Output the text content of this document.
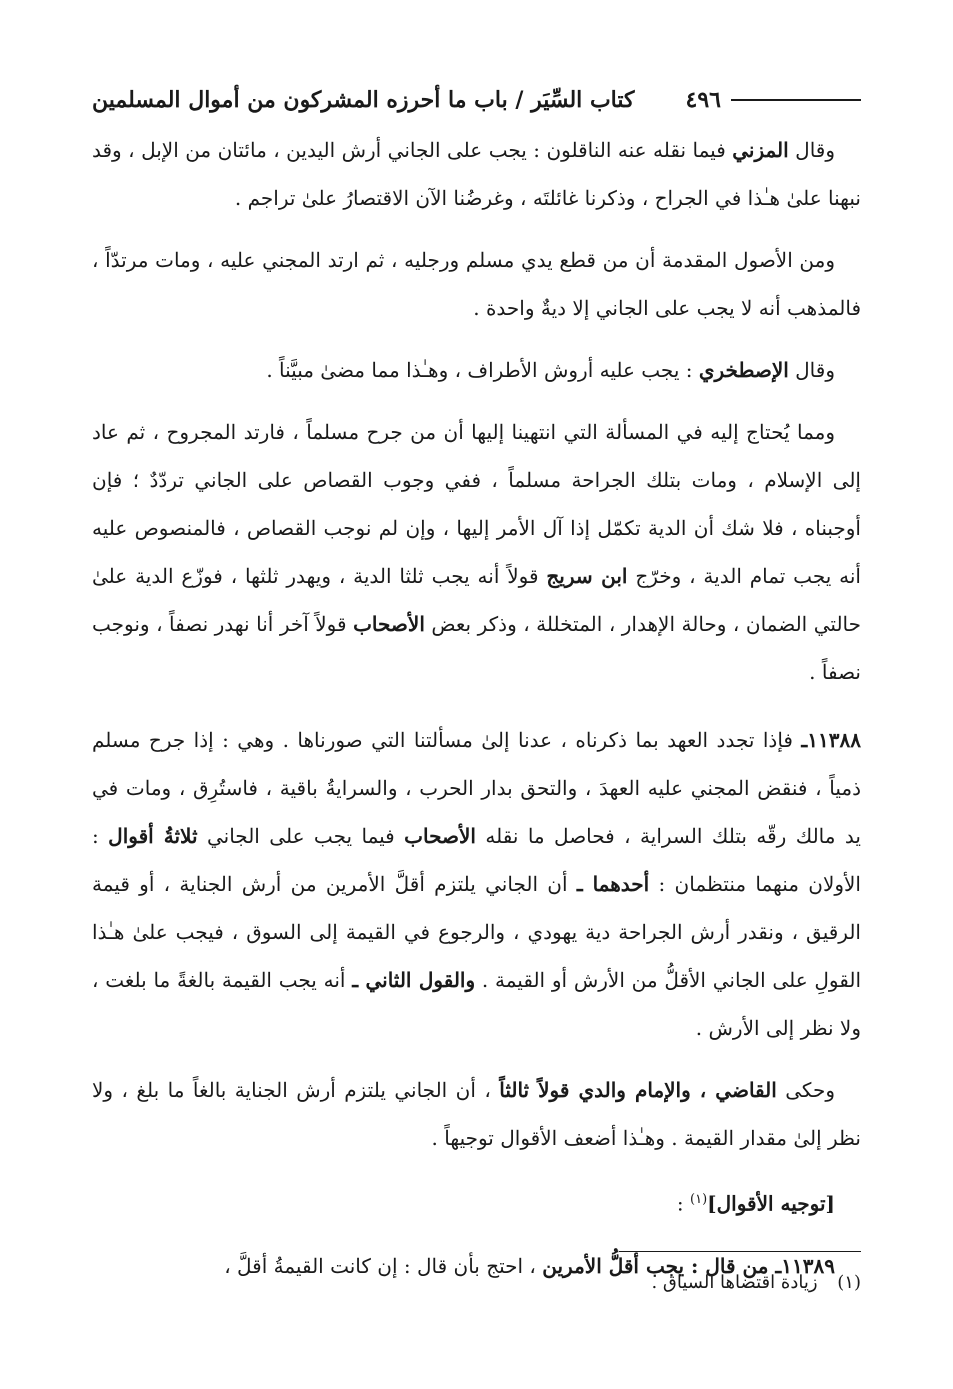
كتاب السِّيَر / باب ما أحرزه المشركون من أموال المسلمين ٤٩٦

وقال المزني فيما نقله عنه الناقلون : يجب على الجاني أرش اليدين ، مائتان من الإبل ، وقد نبهنا علىٰ هـٰذا في الجراح ، وذكرنا غائلتَه ، وغرضُنا الآن الاقتصارُ علىٰ تراجم .

ومن الأصول المقدمة أن من قطع يدي مسلم ورجليه ، ثم ارتد المجني عليه ، ومات مرتدّاً ، فالمذهب أنه لا يجب على الجاني إلا ديةٌ واحدة .

وقال الإصطخري : يجب عليه أروش الأطراف ، وهـٰذا مما مضىٰ مبيَّناً .

ومما يُحتاج إليه في المسألة التي انتهينا إليها أن من جرح مسلماً ، فارتد المجروح ، ثم عاد إلى الإسلام ، ومات بتلك الجراحة مسلماً ، ففي وجوب القصاص على الجاني تردّدٌ ؛ فإن أوجبناه ، فلا شك أن الدية تكمّل إذا آل الأمر إليها ، وإن لم نوجب القصاص ، فالمنصوص عليه أنه يجب تمام الدية ، وخرّج ابن سريج قولاً أنه يجب ثلثا الدية ، ويهدر ثلثها ، فوزّع الدية علىٰ حالتي الضمان ، وحالة الإهدار ، المتخللة ، وذكر بعض الأصحاب قولاً آخر أنا نهدر نصفاً ، ونوجب نصفاً .

١١٣٨٨ـ فإذا تجدد العهد بما ذكرناه ، عدنا إلىٰ مسألتنا التي صورناها . وهي : إذا جرح مسلم ذمياً ، فنقض المجني عليه العهدَ ، والتحق بدار الحرب ، والسرايةُ باقية ، فاستُرِق ، ومات في يد مالك رقّه بتلك السراية ، فحاصل ما نقله الأصحاب فيما يجب على الجاني ثلاثةُ أقوال : الأولان منهما منتظمان : أحدهما ـ أن الجاني يلتزم أقلَّ الأمرين من أرش الجناية ، أو قيمة الرقيق ، ونقدر أرش الجراحة دية يهودي ، والرجوع في القيمة إلى السوق ، فيجب علىٰ هـٰذا القولِ على الجاني الأقلُّ من الأرش أو القيمة . والقول الثاني ـ أنه يجب القيمة بالغةً ما بلغت ، ولا نظر إلى الأرش .

وحكى القاضي ، والإمام والدي قولاً ثالثاً ، أن الجاني يلتزم أرش الجناية بالغاً ما بلغ ، ولا نظر إلىٰ مقدار القيمة . وهـٰذا أضعف الأقوال توجيهاً .

[توجيه الأقوال]$^{(١)}$ :

١١٣٨٩ـ من قال : يجب أقلُّ الأمرين ، احتج بأن قال : إن كانت القيمةُ أقلَّ ،

(١) زيادة اقتضاها السياق .
